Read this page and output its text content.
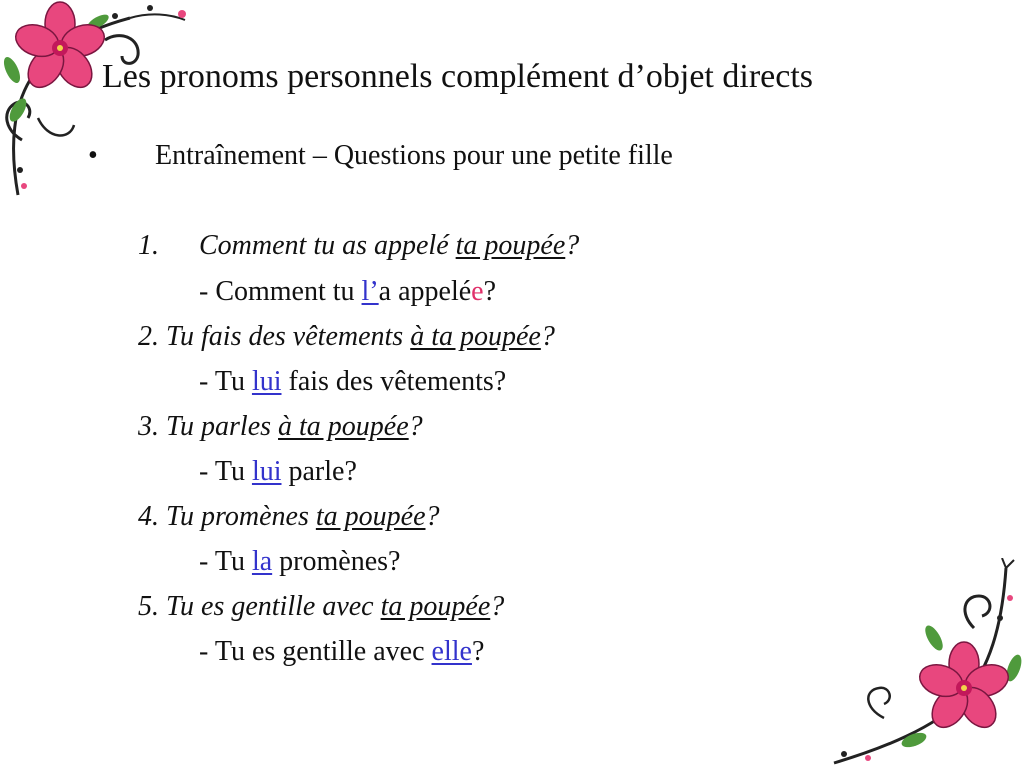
Les pronoms personnels complément d’objet directs
• Entraînement – Questions pour une petite fille
1. Comment tu as appelé ta poupée?
- Comment tu l’a appelée?
2. Tu fais des vêtements à ta poupée?
- Tu lui fais des vêtements?
3. Tu parles à ta poupée?
- Tu lui parle?
4. Tu promènes ta poupée?
- Tu la promènes?
5. Tu es gentille avec ta poupée?
- Tu es gentille avec elle?
